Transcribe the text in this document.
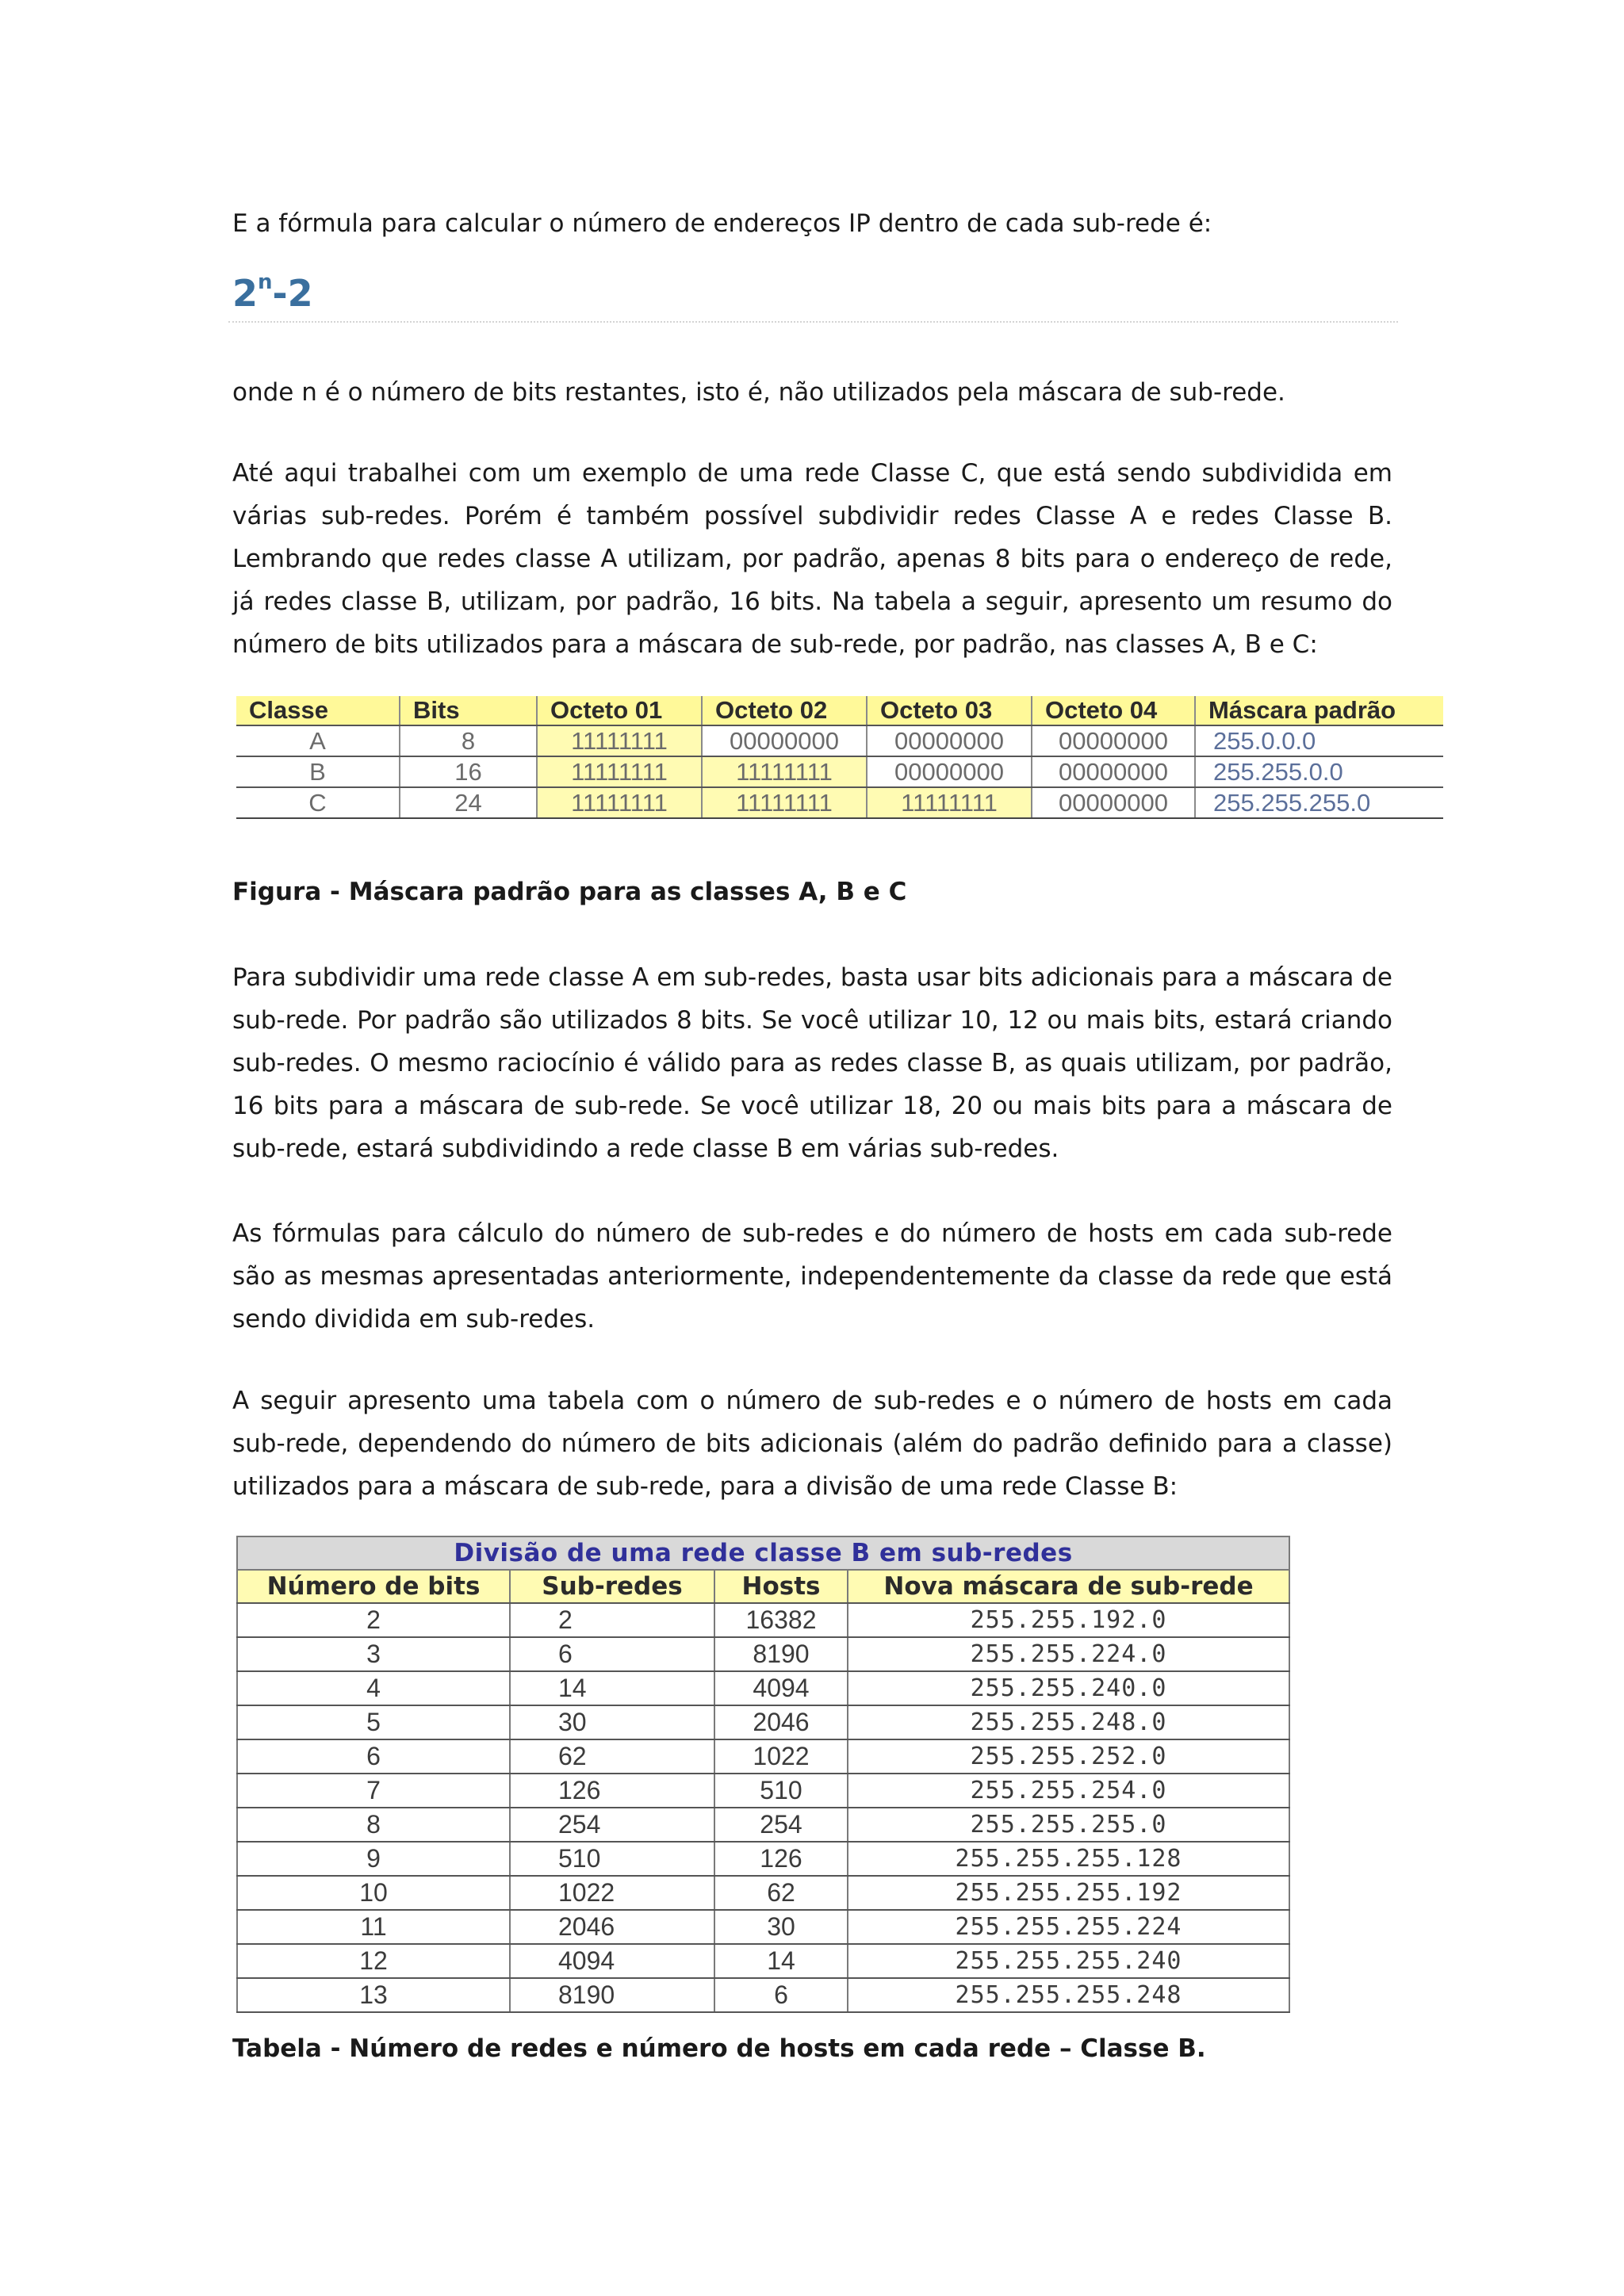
E a fórmula para calcular o número de endereços IP dentro de cada sub-rede é:

2$^n$-2

onde n é o número de bits restantes, isto é, não utilizados pela máscara de sub-rede.

Até aqui trabalhei com um exemplo de uma rede Classe C, que está sendo subdividida em várias sub-redes. Porém é também possível subdividir redes Classe A e redes Classe B. Lembrando que redes classe A utilizam, por padrão, apenas 8 bits para o endereço de rede, já redes classe B, utilizam, por padrão, 16 bits. Na tabela a seguir, apresento um resumo do número de bits utilizados para a máscara de sub-rede, por padrão, nas classes A, B e C:

Classe	Bits	Octeto 01	Octeto 02	Octeto 03	Octeto 04	Máscara padrão
A	8	11111111	00000000	00000000	00000000	255.0.0.0
B	16	11111111	11111111	00000000	00000000	255.255.0.0
C	24	11111111	11111111	11111111	00000000	255.255.255.0

Figura - Máscara padrão para as classes A, B e C

Para subdividir uma rede classe A em sub-redes, basta usar bits adicionais para a máscara de sub-rede. Por padrão são utilizados 8 bits. Se você utilizar 10, 12 ou mais bits, estará criando sub-redes. O mesmo raciocínio é válido para as redes classe B, as quais utilizam, por padrão, 16 bits para a máscara de sub-rede. Se você utilizar 18, 20 ou mais bits para a máscara de sub-rede, estará subdividindo a rede classe B em várias sub-redes.

As fórmulas para cálculo do número de sub-redes e do número de hosts em cada sub-rede são as mesmas apresentadas anteriormente, independentemente da classe da rede que está sendo dividida em sub-redes.

A seguir apresento uma tabela com o número de sub-redes e o número de hosts em cada sub-rede, dependendo do número de bits adicionais (além do padrão definido para a classe) utilizados para a máscara de sub-rede, para a divisão de uma rede Classe B:

Divisão de uma rede classe B em sub-redes			
Número de bits	Sub-redes	Hosts	Nova máscara de sub-rede
2	2	16382	255.255.192.0
3	6	8190	255.255.224.0
4	14	4094	255.255.240.0
5	30	2046	255.255.248.0
6	62	1022	255.255.252.0
7	126	510	255.255.254.0
8	254	254	255.255.255.0
9	510	126	255.255.255.128
10	1022	62	255.255.255.192
11	2046	30	255.255.255.224
12	4094	14	255.255.255.240
13	8190	6	255.255.255.248

Tabela - Número de redes e número de hosts em cada rede – Classe B.
